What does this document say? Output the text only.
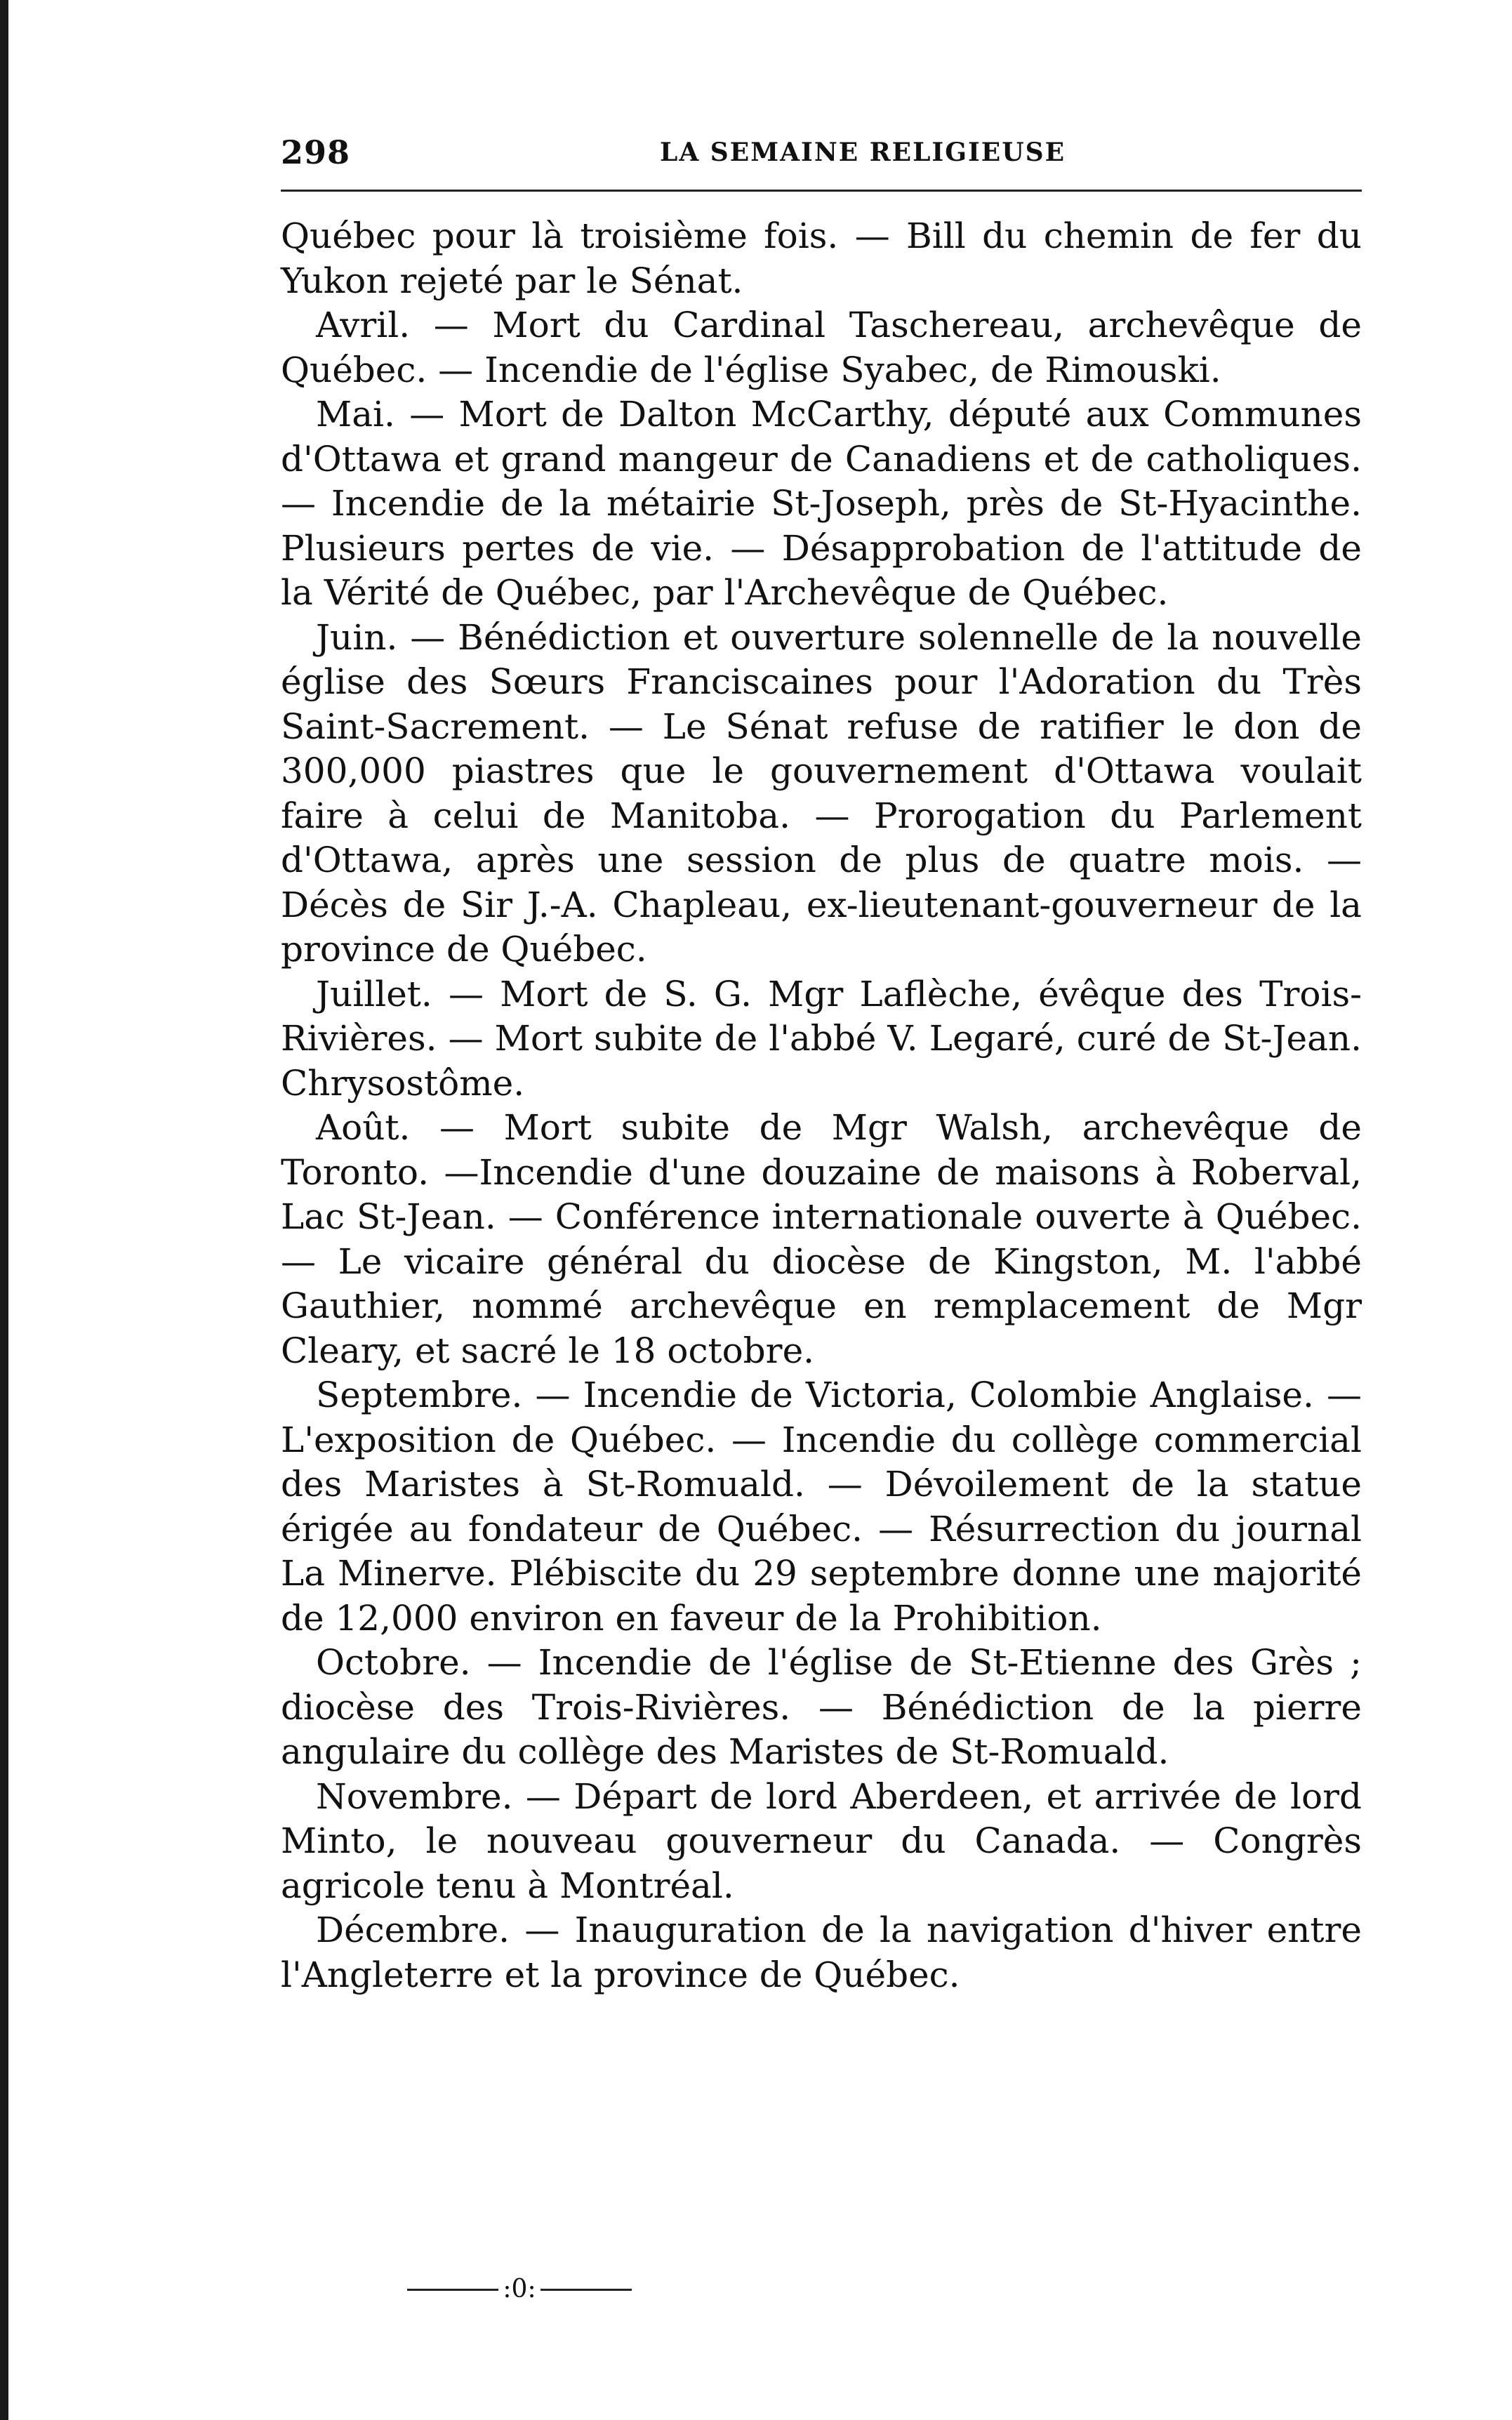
298	LA SEMAINE RELIGIEUSE

Québec pour là troisième fois. — Bill du chemin de fer du Yukon rejeté par le Sénat.

Avril. — Mort du Cardinal Taschereau, archevêque de Québec. — Incendie de l'église Syabec, de Rimouski.

Mai. — Mort de Dalton McCarthy, député aux Communes d'Ottawa et grand mangeur de Canadiens et de catholiques. — Incendie de la métairie St-Joseph, près de St-Hyacinthe. Plusieurs pertes de vie. — Désapprobation de l'attitude de la Vérité de Québec, par l'Archevêque de Québec.

Juin. — Bénédiction et ouverture solennelle de la nouvelle église des Sœurs Franciscaines pour l'Adoration du Très Saint-Sacrement. — Le Sénat refuse de ratifier le don de 300,000 piastres que le gouvernement d'Ottawa voulait faire à celui de Manitoba. — Prorogation du Parlement d'Ottawa, après une session de plus de quatre mois. — Décès de Sir J.-A. Chapleau, ex-lieutenant-gouverneur de la province de Québec.

Juillet. — Mort de S. G. Mgr Laflèche, évêque des Trois-Rivières. — Mort subite de l'abbé V. Legaré, curé de St-Jean. Chrysostôme.

Août. — Mort subite de Mgr Walsh, archevêque de Toronto. —Incendie d'une douzaine de maisons à Roberval, Lac St-Jean. — Conférence internationale ouverte à Québec. — Le vicaire général du diocèse de Kingston, M. l'abbé Gauthier, nommé archevêque en remplacement de Mgr Cleary, et sacré le 18 octobre.

Septembre. — Incendie de Victoria, Colombie Anglaise. — L'exposition de Québec. — Incendie du collège commercial des Maristes à St-Romuald. — Dévoilement de la statue érigée au fondateur de Québec. — Résurrection du journal La Minerve. Plébiscite du 29 septembre donne une majorité de 12,000 environ en faveur de la Prohibition.

Octobre. — Incendie de l'église de St-Etienne des Grès ; diocèse des Trois-Rivières. — Bénédiction de la pierre angulaire du collège des Maristes de St-Romuald.

Novembre. — Départ de lord Aberdeen, et arrivée de lord Minto, le nouveau gouverneur du Canada. — Congrès agricole tenu à Montréal.

Décembre. — Inauguration de la navigation d'hiver entre l'Angleterre et la province de Québec.

:0:
